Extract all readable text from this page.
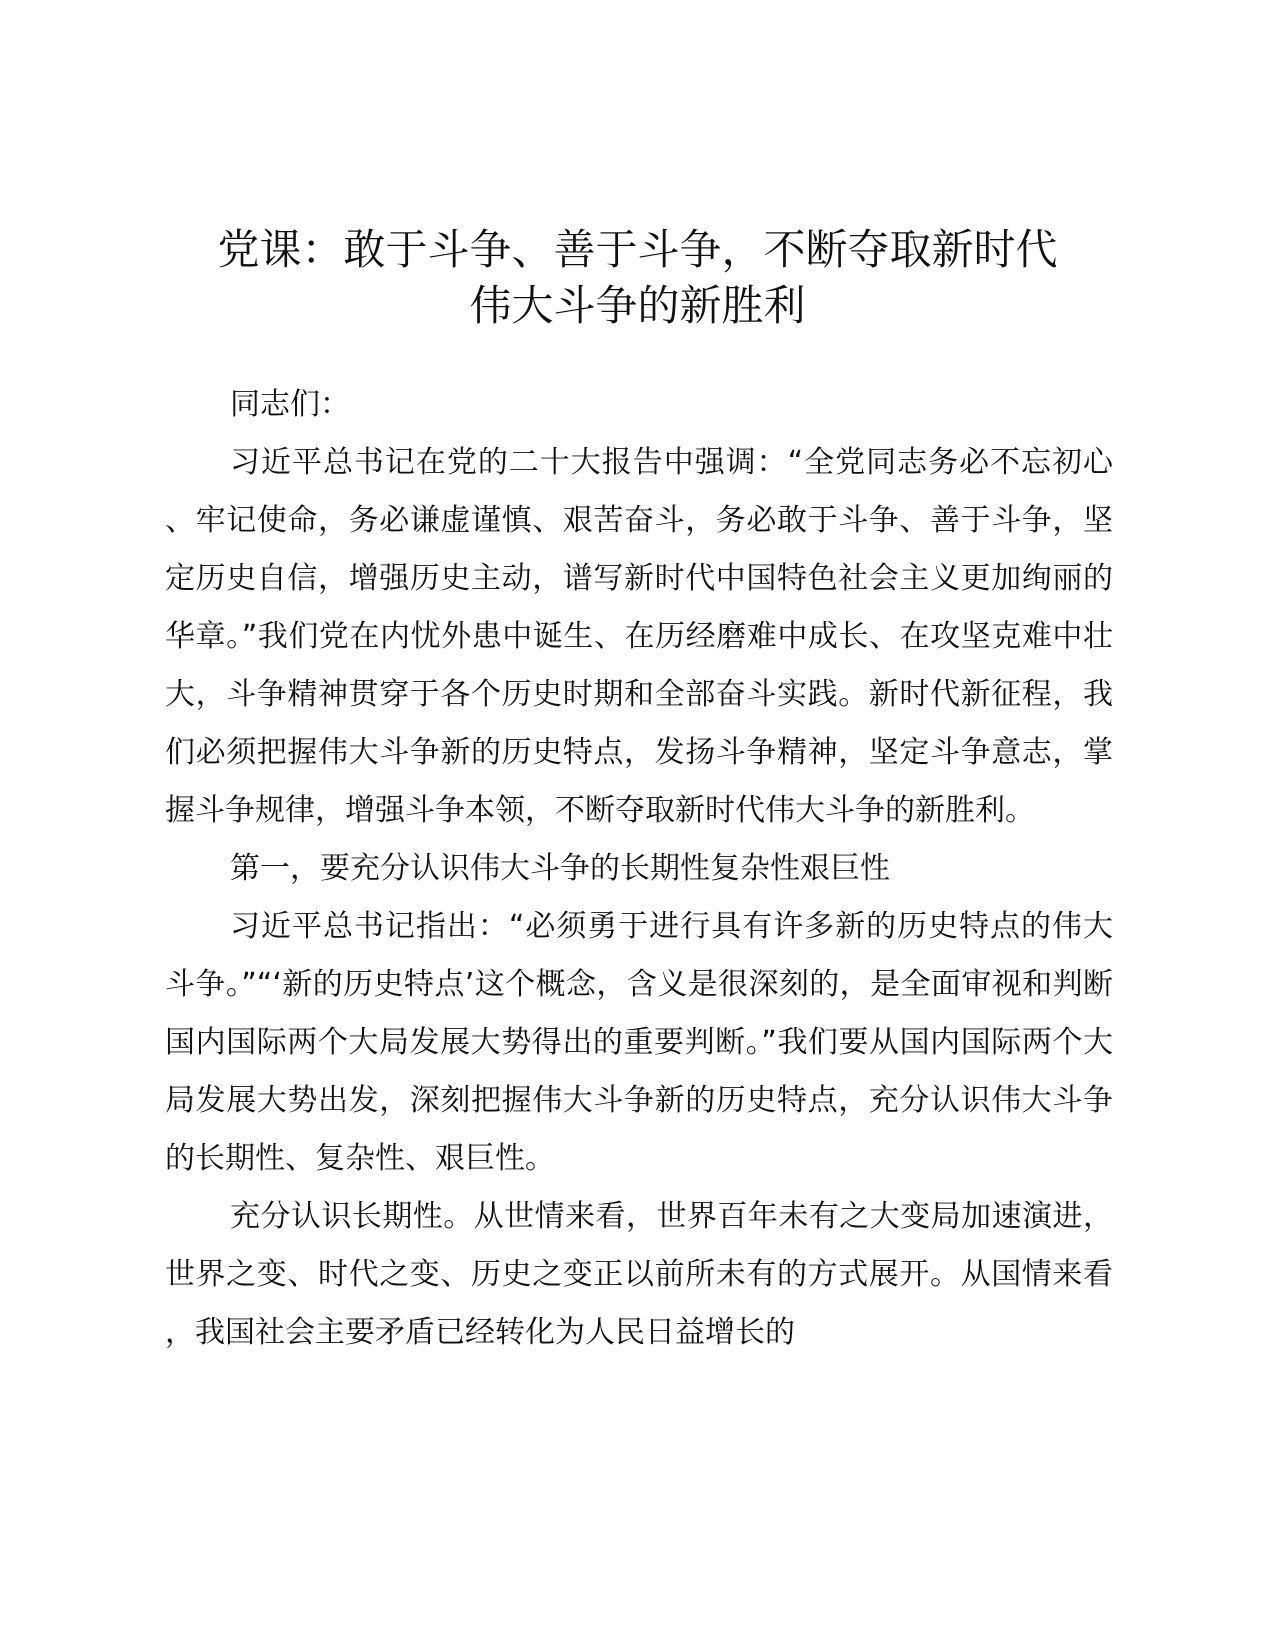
党课：敢于斗争、善于斗争，不断夺取新时代
伟大斗争的新胜利

同志们：

习近平总书记在党的二十大报告中强调：“全党同志务必不忘初心、牢记使命，务必谦虚谨慎、艰苦奋斗，务必敢于斗争、善于斗争，坚定历史自信，增强历史主动，谱写新时代中国特色社会主义更加绚丽的华章。”我们党在内忧外患中诞生、在历经磨难中成长、在攻坚克难中壮大，斗争精神贯穿于各个历史时期和全部奋斗实践。新时代新征程，我们必须把握伟大斗争新的历史特点，发扬斗争精神，坚定斗争意志，掌握斗争规律，增强斗争本领，不断夺取新时代伟大斗争的新胜利。

第一，要充分认识伟大斗争的长期性复杂性艰巨性

习近平总书记指出：“必须勇于进行具有许多新的历史特点的伟大斗争。”“‘新的历史特点’这个概念，含义是很深刻的，是全面审视和判断国内国际两个大局发展大势得出的重要判断。”我们要从国内国际两个大局发展大势出发，深刻把握伟大斗争新的历史特点，充分认识伟大斗争的长期性、复杂性、艰巨性。

充分认识长期性。从世情来看，世界百年未有之大变局加速演进，世界之变、时代之变、历史之变正以前所未有的方式展开。从国情来看，我国社会主要矛盾已经转化为人民日益增长的
